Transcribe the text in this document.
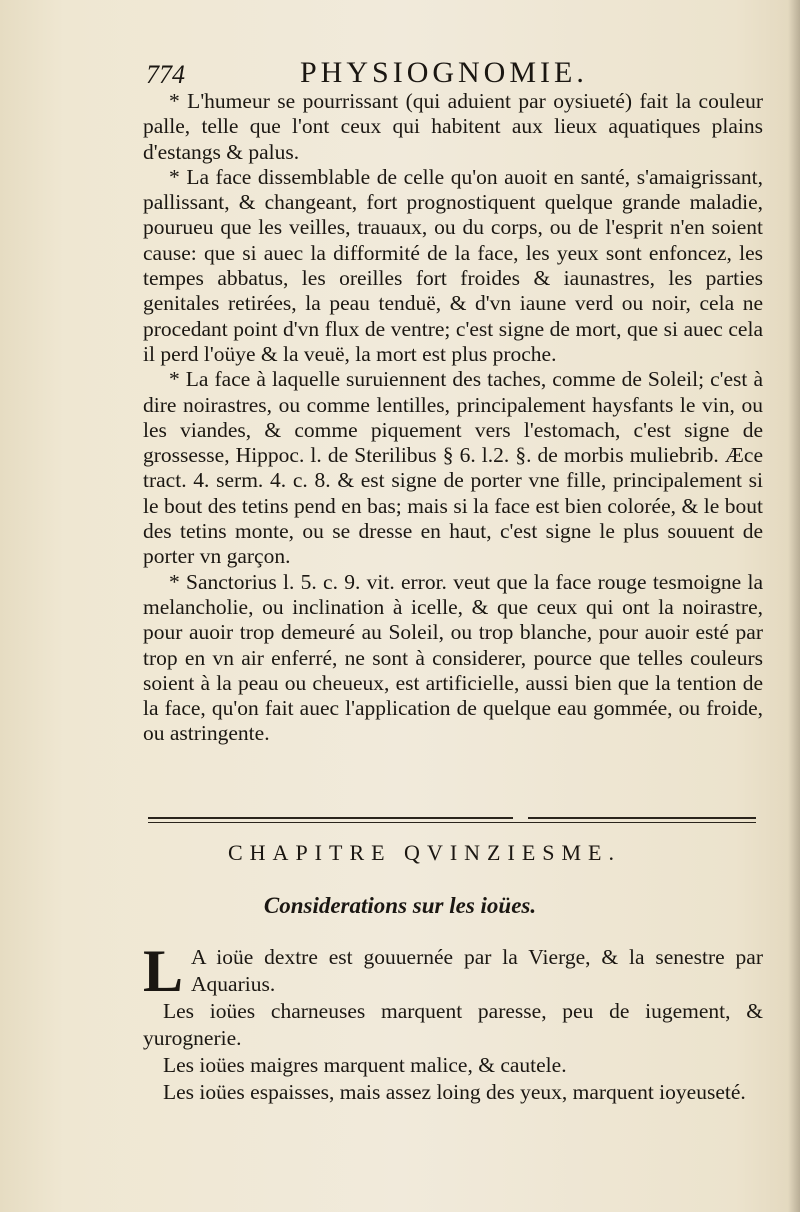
774	PHYSIOGNOMIE.

* L'humeur se pourrissant (qui aduient par oysiueté) fait la couleur palle, telle que l'ont ceux qui habitent aux lieux aquatiques plains d'estangs & palus.

* La face dissemblable de celle qu'on auoit en santé, s'amaigrissant, pallissant, & changeant, fort prognostiquent quelque grande maladie, pourueu que les veilles, trauaux, ou du corps, ou de l'esprit n'en soient cause: que si auec la difformité de la face, les yeux sont enfoncez, les tempes abbatus, les oreilles fort froides & iaunastres, les parties genitales retirées, la peau tenduë, & d'vn iaune verd ou noir, cela ne procedant point d'vn flux de ventre; c'est signe de mort, que si auec cela il perd l'oüye & la veuë, la mort est plus proche.

* La face à laquelle suruiennent des taches, comme de Soleil; c'est à dire noirastres, ou comme lentilles, principalement haysfants le vin, ou les viandes, & comme piquement vers l'estomach, c'est signe de grossesse, Hippoc. l. de Sterilibus § 6. l.2. §. de morbis muliebrib. Æce tract. 4. serm. 4. c. 8. & est signe de porter vne fille, principalement si le bout des tetins pend en bas; mais si la face est bien colorée, & le bout des tetins monte, ou se dresse en haut, c'est signe le plus souuent de porter vn garçon.

* Sanctorius l. 5. c. 9. vit. error. veut que la face rouge tesmoigne la melancholie, ou inclination à icelle, & que ceux qui ont la noirastre, pour auoir trop demeuré au Soleil, ou trop blanche, pour auoir esté par trop en vn air enferré, ne sont à considerer, pource que telles couleurs soient à la peau ou cheueux, est artificielle, aussi bien que la tention de la face, qu'on fait auec l'application de quelque eau gommée, ou froide, ou astringente.

CHAPITRE QVINZIESME.
Considerations sur les ioües.

L A ioüe dextre est gouuernée par la Vierge, & la senestre par Aquarius.

Les ioües charneuses marquent paresse, peu de iugement, & yurognerie.

Les ioües maigres marquent malice, & cautele.

Les ioües espaisses, mais assez loing des yeux, marquent ioyeuseté.
